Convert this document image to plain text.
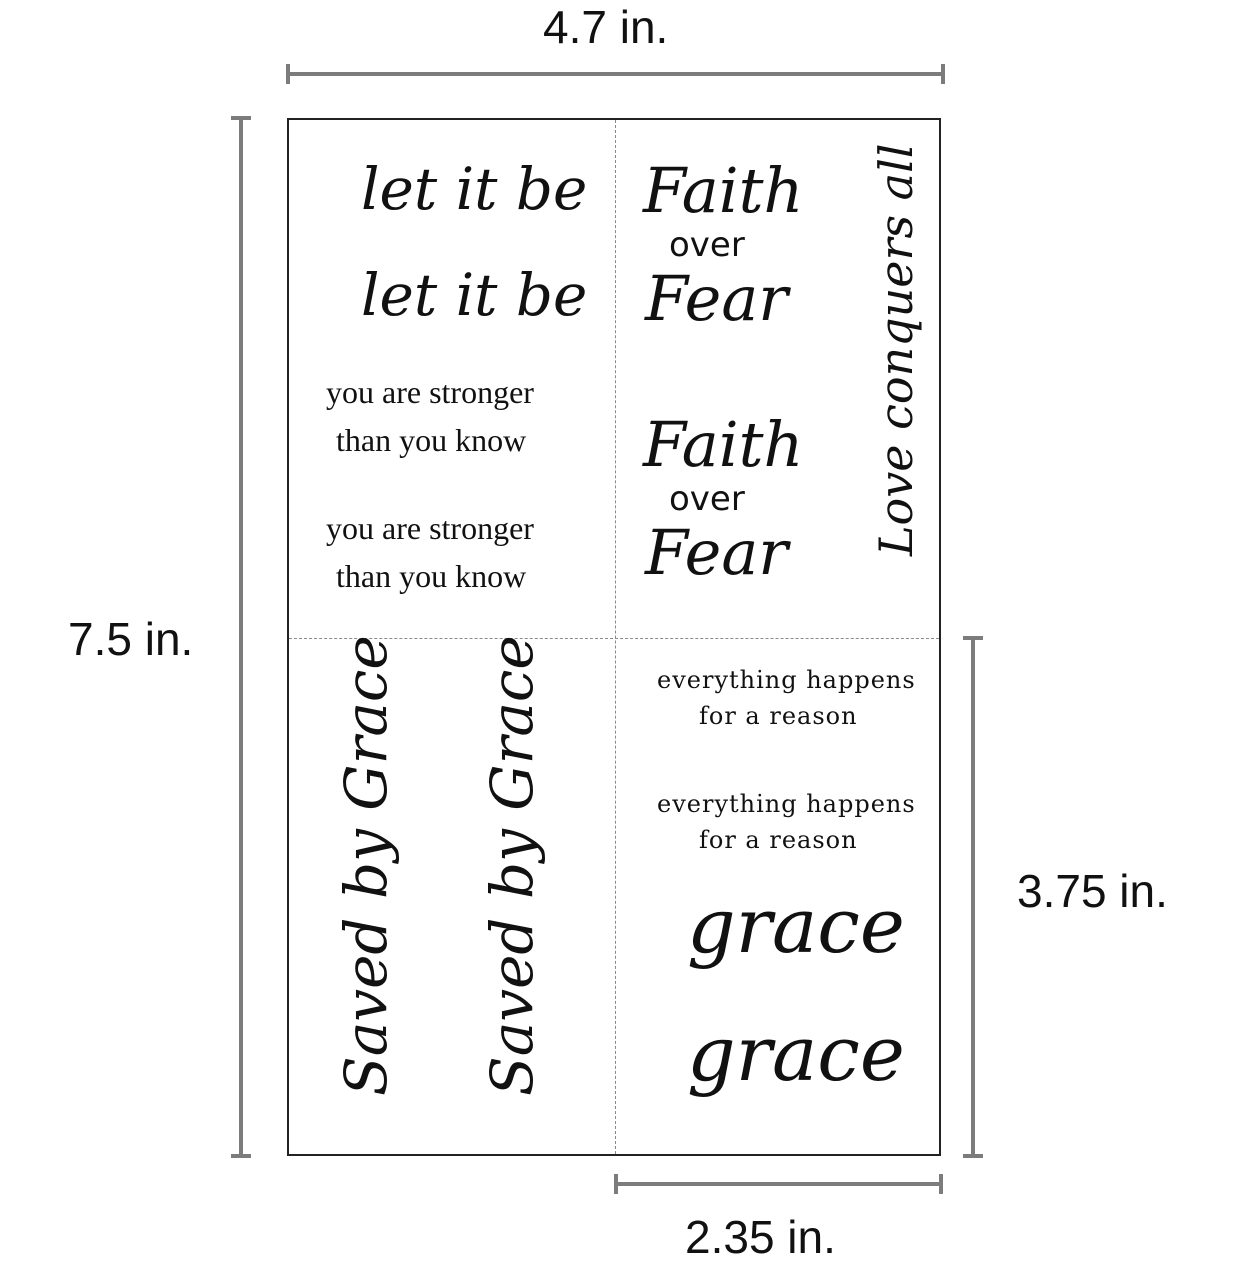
4.7 in.
7.5 in.
3.75 in.
2.35 in.
let it be
let it be
you are stronger
than you know
you are stronger
than you know
Faith
over
Fear
Faith
over
Fear Love conquers all
Saved by Grace Saved by Grace	everything happens
for a reason
everything happens
for a reason
grace
grace
